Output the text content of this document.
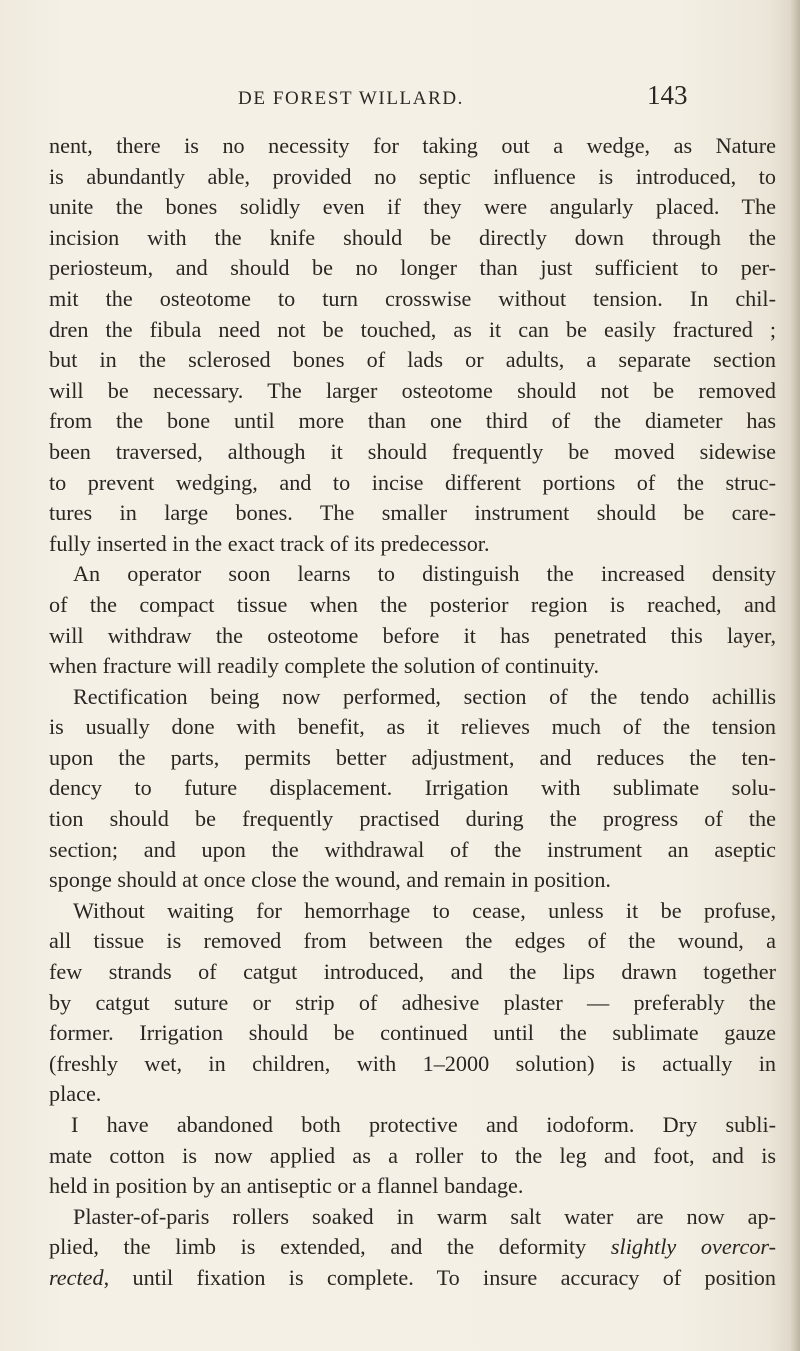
DE FOREST WILLARD.	143
nent, there is no necessity for taking out a wedge, as Nature
is abundantly able, provided no septic influence is introduced, to
unite the bones solidly even if they were angularly placed. The
incision with the knife should be directly down through the
periosteum, and should be no longer than just sufficient to per-
mit the osteotome to turn crosswise without tension. In chil-
dren the fibula need not be touched, as it can be easily fractured ;
but in the sclerosed bones of lads or adults, a separate section
will be necessary. The larger osteotome should not be removed
from the bone until more than one third of the diameter has
been traversed, although it should frequently be moved sidewise
to prevent wedging, and to incise different portions of the struc-
tures in large bones. The smaller instrument should be care-
fully inserted in the exact track of its predecessor.
An operator soon learns to distinguish the increased density
of the compact tissue when the posterior region is reached, and
will withdraw the osteotome before it has penetrated this layer,
when fracture will readily complete the solution of continuity.
Rectification being now performed, section of the tendo achillis
is usually done with benefit, as it relieves much of the tension
upon the parts, permits better adjustment, and reduces the ten-
dency to future displacement. Irrigation with sublimate solu-
tion should be frequently practised during the progress of the
section; and upon the withdrawal of the instrument an aseptic
sponge should at once close the wound, and remain in position.
Without waiting for hemorrhage to cease, unless it be profuse,
all tissue is removed from between the edges of the wound, a
few strands of catgut introduced, and the lips drawn together
by catgut suture or strip of adhesive plaster — preferably the
former. Irrigation should be continued until the sublimate gauze
(freshly wet, in children, with 1–2000 solution) is actually in
place.
I have abandoned both protective and iodoform. Dry subli-
mate cotton is now applied as a roller to the leg and foot, and is
held in position by an antiseptic or a flannel bandage.
Plaster-of-paris rollers soaked in warm salt water are now ap-
plied, the limb is extended, and the deformity slightly overcor-
rected, until fixation is complete. To insure accuracy of position
